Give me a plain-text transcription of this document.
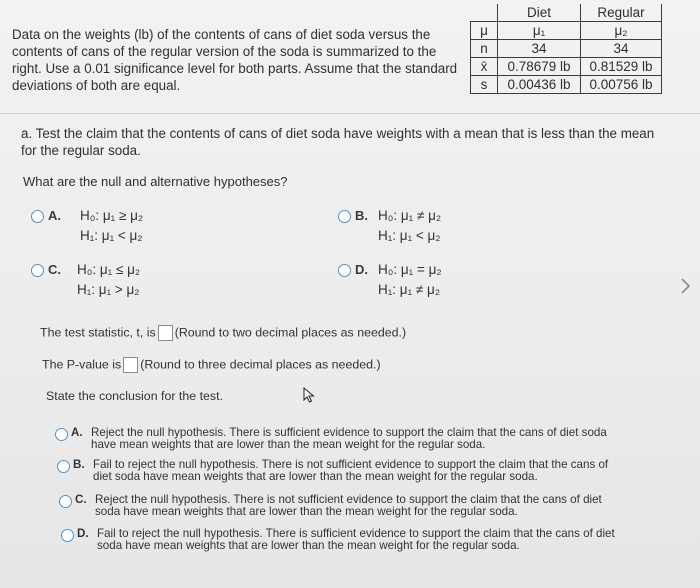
Data on the weights (lb) of the contents of cans of diet soda versus the contents of cans of the regular version of the soda is summarized to the right. Use a 0.01 significance level for both parts. Assume that the standard deviations of both are equal.
	Diet	Regular
μ	μ₁	μ₂
n	34	34
x̄	0.78679 lb	0.81529 lb
s	0.00436 lb	0.00756 lb
a. Test the claim that the contents of cans of diet soda have weights with a mean that is less than the mean for the regular soda.
What are the null and alternative hypotheses?
A. H₀: μ₁ ≥ μ₂
H₁: μ₁ < μ₂
B. H₀: μ₁ ≠ μ₂
H₁: μ₁ < μ₂
C. H₀: μ₁ ≤ μ₂
H₁: μ₁ > μ₂
D. H₀: μ₁ = μ₂
H₁: μ₁ ≠ μ₂
The test statistic, t, is (Round to two decimal places as needed.)
The P-value is (Round to three decimal places as needed.)
State the conclusion for the test.
A. Reject the null hypothesis. There is sufficient evidence to support the claim that the cans of diet soda have mean weights that are lower than the mean weight for the regular soda.
B. Fail to reject the null hypothesis. There is not sufficient evidence to support the claim that the cans of diet soda have mean weights that are lower than the mean weight for the regular soda.
C. Reject the null hypothesis. There is not sufficient evidence to support the claim that the cans of diet soda have mean weights that are lower than the mean weight for the regular soda.
D. Fail to reject the null hypothesis. There is sufficient evidence to support the claim that the cans of diet soda have mean weights that are lower than the mean weight for the regular soda.
